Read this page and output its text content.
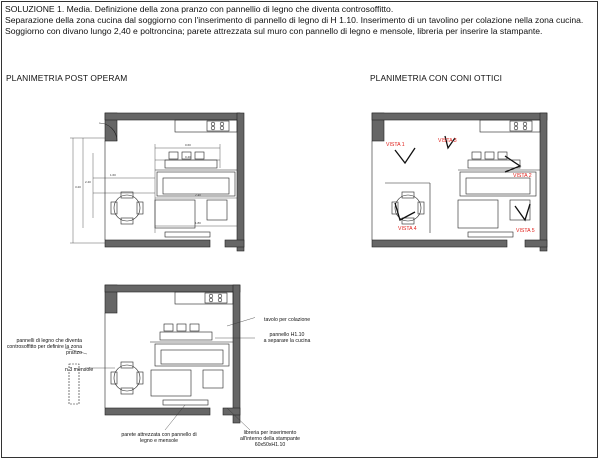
SOLUZIONE 1. Media. Definizione della zona pranzo con pannellio di legno che diventa controsoffitto.
Separazione della zona cucina dal soggiorno con l'inserimento di pannello di legno di H 1.10. Inserimento di un tavolino per colazione nella zona cucina. Soggiorno con divano lungo 2,40 e poltroncina; parete attrezzata sul muro con pannello di legno e mensole, libreria per inserire la stampante.
PLANIMETRIA POST OPERAM	PLANIMETRIA CON CONI OTTICI
3.20
2.40
1.60
0.60
0.40
2.40
1.80
VISTA 1
VISTA 3
VISTA 2
VISTA 4	VISTA 5
pannelli di legno che diventa controsoffitto per definire la zona pranzo
n.3 mensole
tavolo per colazione
pannello H1.10
a separare la cucina
parete attrezzata con pannello di legno e mensole
libreria per inserimento all'interno della stampante
60x50xH1.10
